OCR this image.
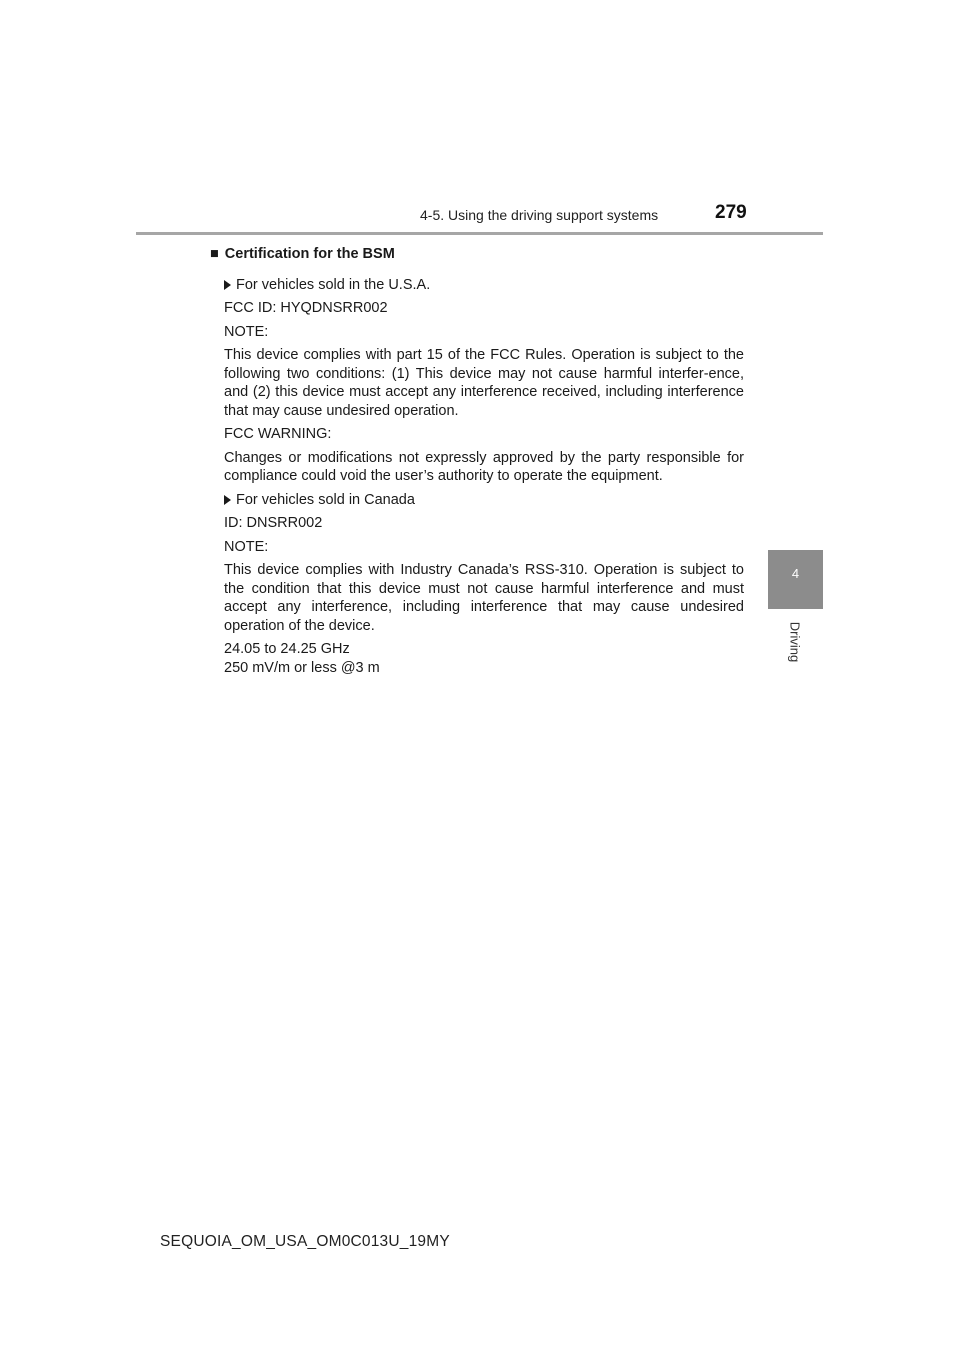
4-5. Using the driving support systems	279
4
Driving
■ Certification for the BSM
For vehicles sold in the U.S.A.
FCC ID: HYQDNSRR002
NOTE:
This device complies with part 15 of the FCC Rules. Operation is subject to the following two conditions: (1) This device may not cause harmful interfer-ence, and (2) this device must accept any interference received, including interference that may cause undesired operation.
FCC WARNING:
Changes or modifications not expressly approved by the party responsible for compliance could void the user’s authority to operate the equipment.
For vehicles sold in Canada
ID: DNSRR002
NOTE:
This device complies with Industry Canada’s RSS-310. Operation is subject to the condition that this device must not cause harmful interference and must accept any interference, including interference that may cause undesired operation of the device.
24.05 to 24.25 GHz
250 mV/m or less @3 m
SEQUOIA_OM_USA_OM0C013U_19MY
